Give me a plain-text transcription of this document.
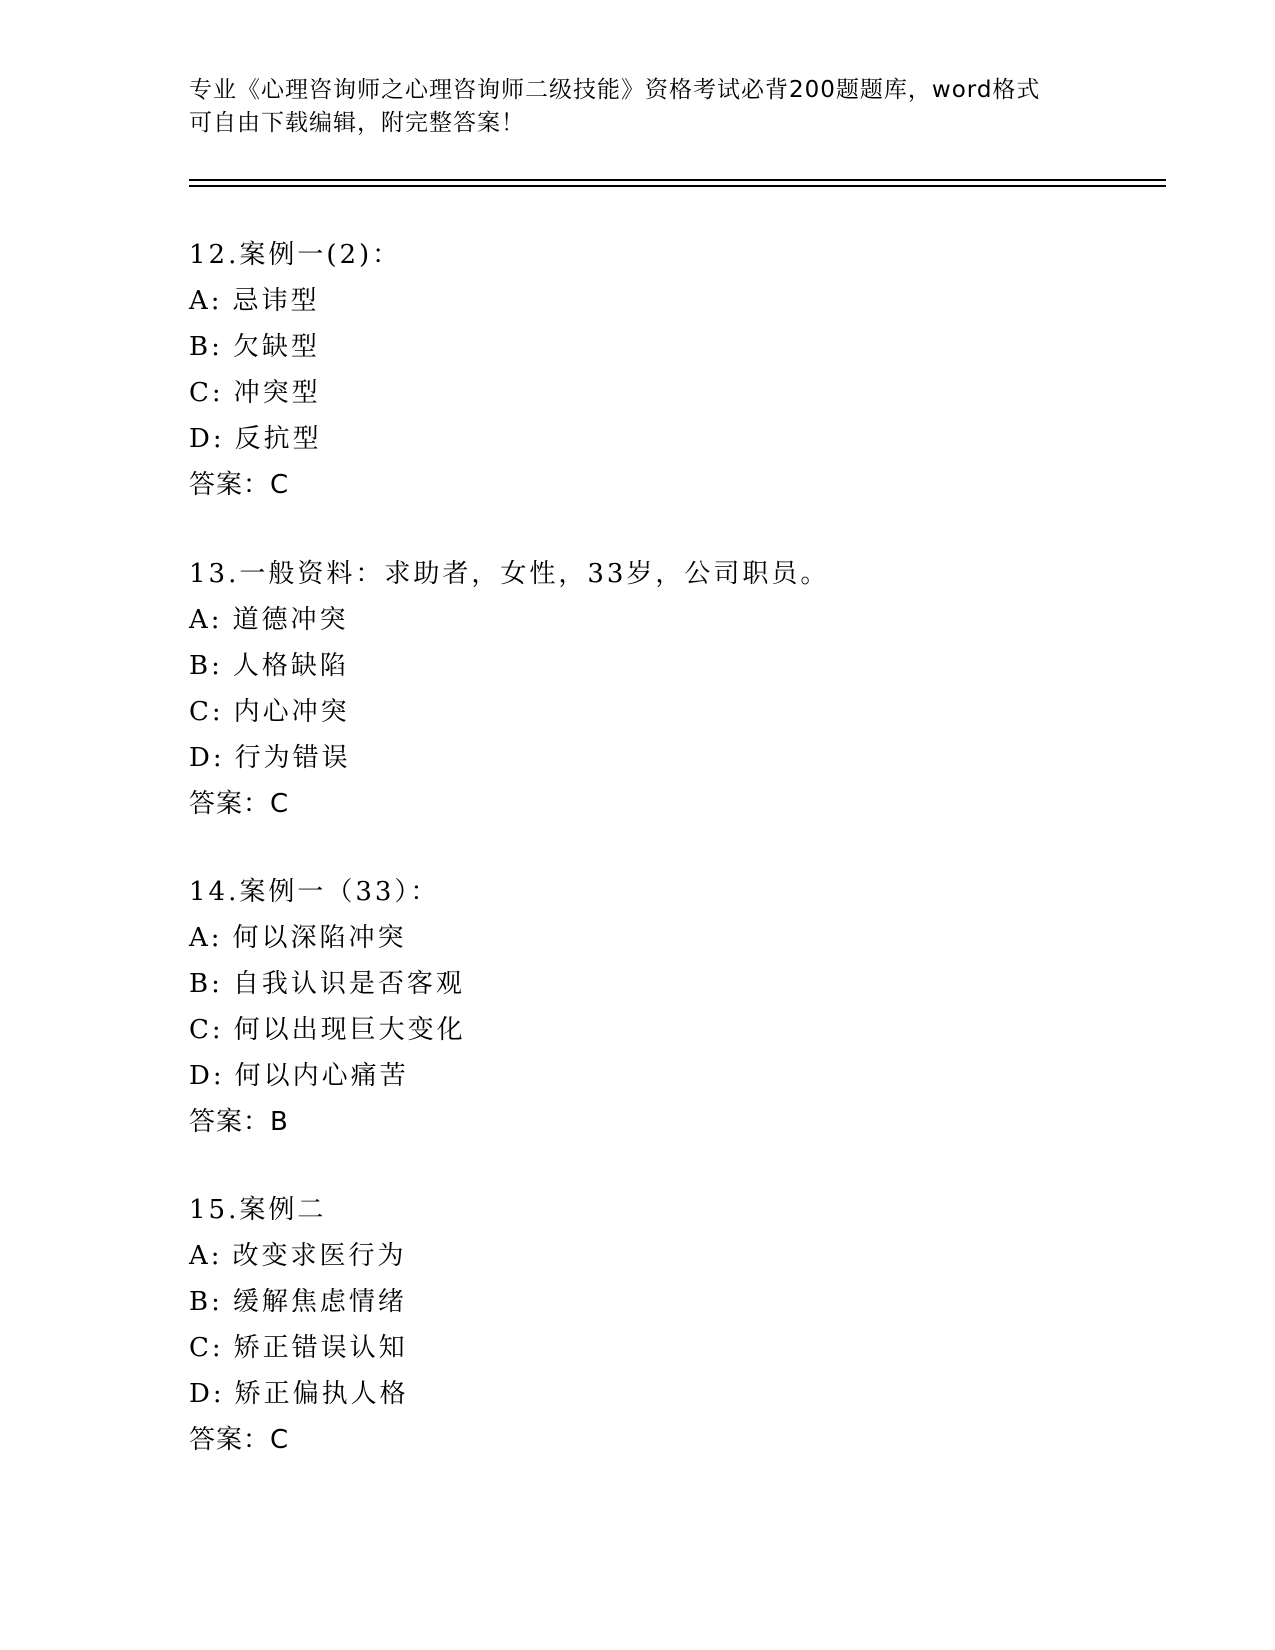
专业《心理咨询师之心理咨询师二级技能》资格考试必背200题题库，word格式
可自由下载编辑，附完整答案！
12.案例一(2)：
A: 忌讳型
B: 欠缺型
C: 冲突型
D: 反抗型
答案：C
13.一般资料：求助者，女性，33岁，公司职员。
A: 道德冲突
B: 人格缺陷
C: 内心冲突
D: 行为错误
答案：C
14.案例一（33）：
A: 何以深陷冲突
B: 自我认识是否客观
C: 何以出现巨大变化
D: 何以内心痛苦
答案：B
15.案例二
A: 改变求医行为
B: 缓解焦虑情绪
C: 矫正错误认知
D: 矫正偏执人格
答案：C
